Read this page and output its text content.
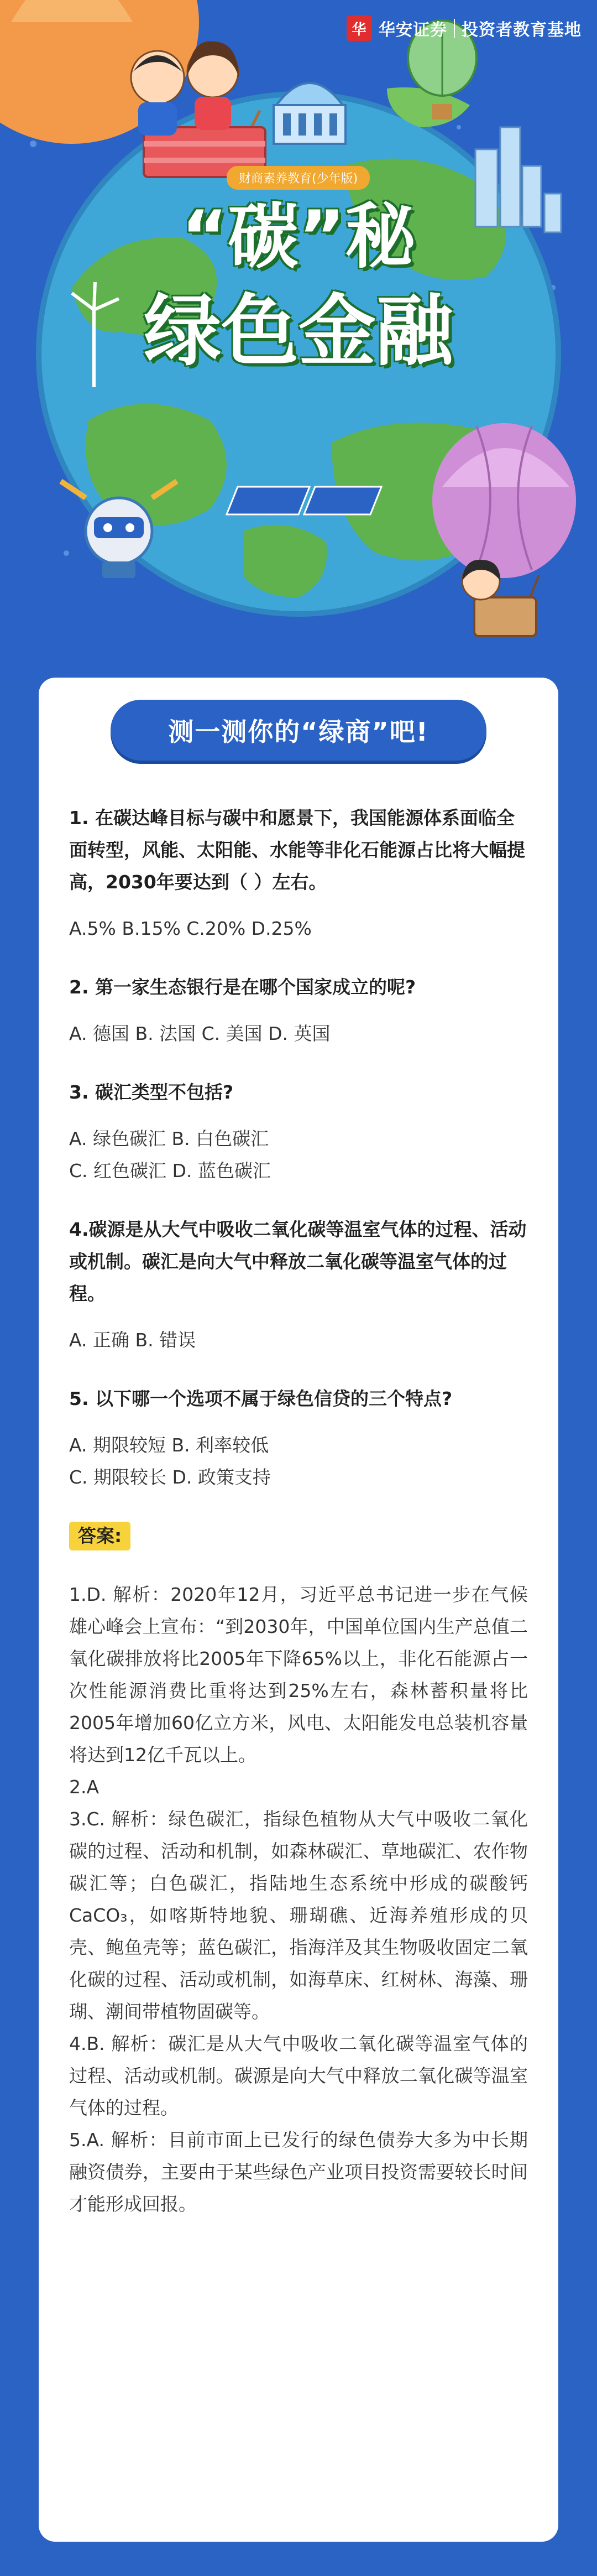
华 华安证券 投资者教育基地
财商素养教育(少年版)
“碳”秘
绿色金融
测一测你的“绿商”吧!

1. 在碳达峰目标与碳中和愿景下，我国能源体系面临全面转型，风能、太阳能、水能等非化石能源占比将大幅提高，2030年要达到（ ）左右。

A.5% B.15% C.20% D.25%

2. 第一家生态银行是在哪个国家成立的呢?

A. 德国 B. 法国 C. 美国 D. 英国

3. 碳汇类型不包括?

A. 绿色碳汇 B. 白色碳汇

C. 红色碳汇 D. 蓝色碳汇

4.碳源是从大气中吸收二氧化碳等温室气体的过程、活动或机制。碳汇是向大气中释放二氧化碳等温室气体的过程。

A. 正确 B. 错误

5. 以下哪一个选项不属于绿色信贷的三个特点?

A. 期限较短 B. 利率较低

C. 期限较长 D. 政策支持

答案:

1.D. 解析：2020年12月，习近平总书记进一步在气候雄心峰会上宣布：“到2030年，中国单位国内生产总值二氧化碳排放将比2005年下降65%以上，非化石能源占一次性能源消费比重将达到25%左右，森林蓄积量将比2005年增加60亿立方米，风电、太阳能发电总装机容量将达到12亿千瓦以上。

2.A

3.C. 解析：绿色碳汇，指绿色植物从大气中吸收二氧化碳的过程、活动和机制，如森林碳汇、草地碳汇、农作物碳汇等；白色碳汇，指陆地生态系统中形成的碳酸钙CaCO₃，如喀斯特地貌、珊瑚礁、近海养殖形成的贝壳、鲍鱼壳等；蓝色碳汇，指海洋及其生物吸收固定二氧化碳的过程、活动或机制，如海草床、红树林、海藻、珊瑚、潮间带植物固碳等。

4.B. 解析：碳汇是从大气中吸收二氧化碳等温室气体的过程、活动或机制。碳源是向大气中释放二氧化碳等温室气体的过程。

5.A. 解析：目前市面上已发行的绿色债券大多为中长期融资债券，主要由于某些绿色产业项目投资需要较长时间才能形成回报。
